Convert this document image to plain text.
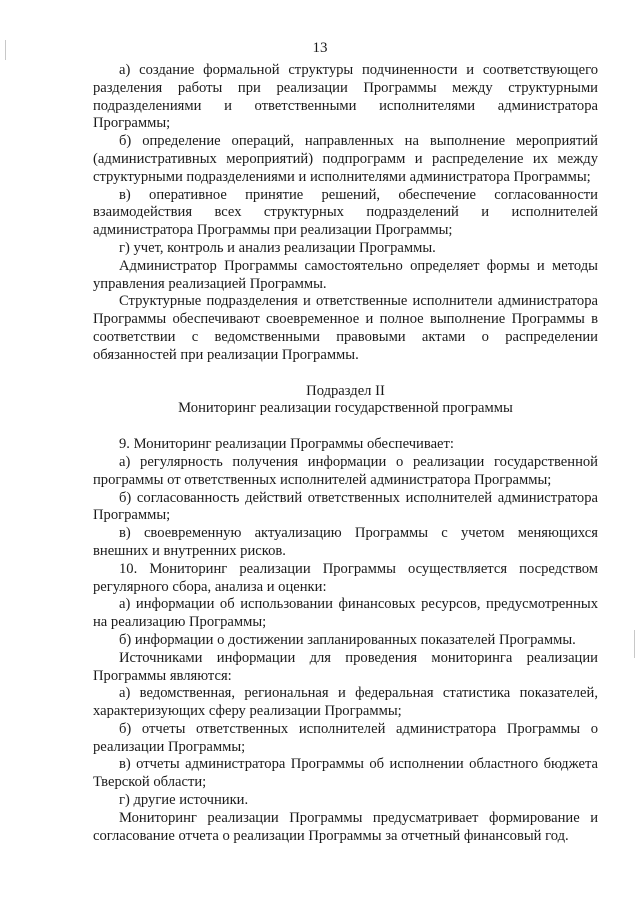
13

а) создание формальной структуры подчиненности и соответствующего разделения работы при реализации Программы между структурными подразделениями и ответственными исполнителями администратора Программы;

б) определение операций, направленных на выполнение мероприятий (административных мероприятий) подпрограмм и распределение их между структурными подразделениями и исполнителями администратора Программы;

в) оперативное принятие решений, обеспечение согласованности взаимодействия всех структурных подразделений и исполнителей администратора Программы при реализации Программы;

г) учет, контроль и анализ реализации Программы.

Администратор Программы самостоятельно определяет формы и методы управления реализацией Программы.

Структурные подразделения и ответственные исполнители администратора Программы обеспечивают своевременное и полное выполнение Программы в соответствии с ведомственными правовыми актами о распределении обязанностей при реализации Программы.

Подраздел II

Мониторинг реализации государственной программы

9. Мониторинг реализации Программы обеспечивает:

а) регулярность получения информации о реализации государственной программы от ответственных исполнителей администратора Программы;

б) согласованность действий ответственных исполнителей администратора Программы;

в) своевременную актуализацию Программы с учетом меняющихся внешних и внутренних рисков.

10. Мониторинг реализации Программы осуществляется посредством регулярного сбора, анализа и оценки:

а) информации об использовании финансовых ресурсов, предусмотренных на реализацию Программы;

б) информации о достижении запланированных показателей Программы.

Источниками информации для проведения мониторинга реализации Программы являются:

а) ведомственная, региональная и федеральная статистика показателей, характеризующих сферу реализации Программы;

б) отчеты ответственных исполнителей администратора Программы о реализации Программы;

в) отчеты администратора Программы об исполнении областного бюджета Тверской области;

г) другие источники.

Мониторинг реализации Программы предусматривает формирование и согласование отчета о реализации Программы за отчетный финансовый год.
